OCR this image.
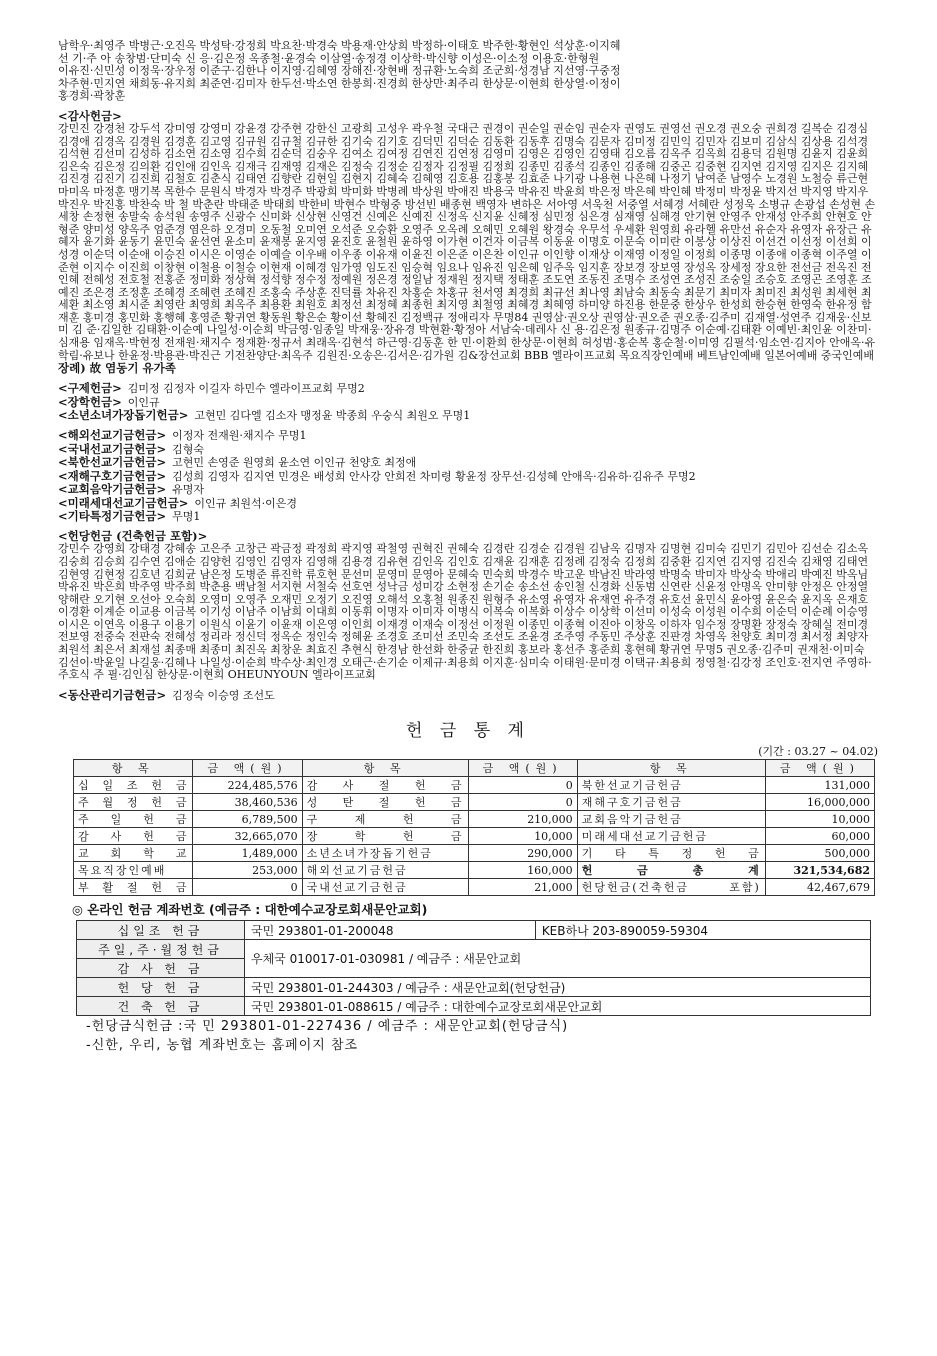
남학우·최영주 박병근·오진옥 박성탁·강정희 박요찬·박경숙 박용재·안상희 박정하·이태호 박주한·황현인 석상훈·이지혜

선 기·주 아 송창범·단미숙 신 응·김은정 옥종철·윤경숙 이삼열·송정경 이상학·박신향 이성은·이소정 이용호·한형원

이유진·신민성 이정욱·장우정 이준구·김한나 이지영·김혜영 장해진·장현배 정규환·노숙희 조군희·성경남 지선영·구중정

차주현·민지연 채희동·유지희 최준연·김미자 한두선·박소연 한봉희·진경희 한상만·최주리 한상문·이현희 한상열·이정이

홍경희·곽창훈

<감사헌금>

강민진 강경천 강두석 강미영 강영미 강윤경 강주현 강한신 고광희 고성우 곽우철 국대근 권경이 권순일 권순임 권순자 권영도 권영선 권오경 권오숭 권희경 길복순 김경심 김경애 김경옥 김경원 김경훈 김고영 김규원 김규철 김규한 김기숙 김기호 김덕민 김덕순 김동환 김동후 김명숙 김문자 김미정 김민익 김민자 김보미 김삼식 김상용 김석경 김석현 김선미 김성하 김소연 김소영 김수희 김순덕 김숭우 김여소 김여정 김연진 김연정 김영미 김영은 김영인 김영태 김오름 김옥주 김옥희 김용덕 김원명 김윤지 김윤희 김은숙 김은정 김의환 김인애 김인옥 김재극 김재영 김재은 김정숙 김정순 김정자 김정필 김정희 김종민 김종석 김종인 김종해 김중곤 김중현 김지연 김지영 김지은 김지혜 김진경 김진기 김진희 김철호 김춘식 김태연 김향란 김현일 김현지 김혜숙 김혜영 김호용 김홍봉 김효준 나기광 나용현 나은혜 나정기 남여준 남영수 노경원 노철승 류근현 마미옥 마정훈 맹기복 목한수 문원식 박경자 박경주 박광희 박미화 박병례 박상원 박애진 박용국 박유진 박윤희 박은정 박은혜 박인혜 박정미 박정윤 박지선 박지영 박지우 박진우 박진홍 박찬숙 박 철 박춘란 박태준 박태희 박한비 박현수 박형중 방선빈 배종현 백영자 변하은 서아영 서욱천 서중열 서혜경 서혜란 성정욱 소병규 손광섭 손성현 손세창 손정현 송말숙 송석원 송영주 신광수 신미화 신상현 신영건 신예은 신예진 신정옥 신지윤 신혜정 심민정 심은경 심재영 심해경 안기현 안영주 안재성 안주희 안현호 안형준 양미성 양옥주 엄준경 염은하 오경미 오동철 오미연 오석준 오승환 오영주 오옥례 오혜민 오혜원 왕경숙 우무석 우세환 원영희 유라헬 유만선 유순자 유영자 유장근 유혜자 윤기화 윤동기 윤민숙 윤선연 윤소미 윤재봉 윤지영 윤진호 윤철원 윤하영 이가현 이건자 이금복 이동윤 이명호 이문숙 이미란 이봉상 이상진 이선건 이선정 이선희 이성경 이순덕 이순애 이승진 이시은 이영순 이예슬 이우배 이우종 이유재 이윤진 이은준 이은찬 이인규 이인향 이재상 이재영 이정일 이정희 이종명 이종애 이종혁 이주열 이준현 이지수 이진희 이창현 이철용 이철승 이현재 이혜경 임가영 임도진 임승혁 임요나 임유진 임은혜 임주옥 임지훈 장보경 장보영 장성옥 장세정 장요한 전선금 전옥진 전인혜 전혜성 전호철 전홍준 정미화 정상혁 정석향 정수정 정예원 정은경 정일남 정재원 정지택 정태훈 조도연 조동진 조명수 조성연 조성진 조숭일 조승호 조영곤 조영훈 조예진 조은경 조정훈 조혜경 조혜련 조혜진 조홍숙 주상훈 진덕률 차유진 차홍순 차홍규 천서영 최경희 최규선 최나영 최남숙 최동숙 최문기 최미자 최미진 최성원 최세현 최세환 최소영 최시준 최영란 최영희 최옥주 최용환 최원호 최정선 최정혜 최종헌 최지영 최철영 최혜경 최혜영 하미양 하진용 한문중 한상우 한성희 한승현 한영숙 한유정 함재훈 홍미경 홍민화 홍행혜 홍영준 황귀연 황동원 황은순 황이선 황혜진 김정백규 정애리자 무명84 권영삼·권오상 권영삼·권오준 권오종·김주미 김재열·성연주 김재웅·신보미 김 준·김일한 김태환·이순예 나일성·이순희 박금영·임종일 박재웅·장유경 박현환·황정아 서남숙·데레사 신 용·김은정 원종규·김명주 이순예·김태환 이예빈·최인윤 이찬미·심재용 임재옥·박현정 전재원·채지수 정재환·정규서 최래옥·김현석 하근영·김동훈 한 민·이환희 한상문·이현희 허성범·홍순복 홍순철·이미영 김필석·임소연·김지아 안애옥·유학림·유보나 한윤정·박용관·박진근 기전찬양단·최옥주 김원진·오송은·김서은·김가원 김&장선교회 BBB 엘라이프교회 목요직장인예배 베트남인예배 일본어예배 중국인예배

장례) 故 염동기 유가족

<구제헌금> 김미정 김정자 이길자 하민수 엘라이프교회 무명2
<장학헌금> 이인규
<소년소녀가장돕기헌금> 고현민 김다엘 김소자 맹정윤 박종희 우숭식 최원오 무명1
<해외선교기금헌금> 이정자 전재원·채지수 무명1
<국내선교기금헌금> 김형숙
<북한선교기금헌금> 고현민 손영준 원영희 윤소연 이인규 천양호 최정애
<재해구호기금헌금> 김성희 김영자 김지연 민경은 배성희 안사강 안희전 차미령 황윤정 장무선·김성혜 안애옥·김유하·김유주 무명2
<교회음악기금헌금> 유명자
<미래세대선교기금헌금> 이인규 최원석·이은경
<기타특정기금헌금> 무명1
<헌당헌금 (건축헌금 포함)>

강민수 강영희 강태경 강혜송 고은주 고창근 곽금정 곽정희 곽지영 곽철영 권혁진 권혜숙 김경란 김경순 김경원 김남옥 김명자 김명현 김미숙 김민기 김민아 김선순 김소옥 김숭희 김승희 김수연 김애순 김양헌 김영인 김영자 김영해 김용경 김유현 김인옥 김인호 김재윤 김재훈 김정례 김정숙 김정희 김중환 김지연 김지영 김진숙 김채영 김태연 김현영 김현정 김호년 김희균 남은정 도병준 류진학 류호현 문선미 문영미 문영아 문혜숙 민숙희 박경수 박고운 박남진 박라영 박명숙 박미자 박상숙 박애리 박예진 박옥님 박유진 박은희 박주영 박주희 박춘용 백남철 서지현 서철숙 선호연 성낙금 성미강 소현정 손기순 송소선 송인철 신경화 신동범 신연란 신윤정 안명옥 안미향 안정은 안정열 양해란 오기현 오선아 오숙희 오영미 오영주 오재민 오정기 오진영 오해석 오홍철 원종진 원형주 유소영 유영자 유재연 유주경 유호선 윤민식 윤아영 윤은숙 윤지옥 은재호 이경환 이계순 이교용 이금복 이기성 이남주 이남희 이대희 이동휘 이명자 이미자 이병식 이복숙 이복화 이상수 이상학 이선미 이성숙 이성원 이수희 이순덕 이순례 이승영 이시은 이연옥 이용구 이용기 이원식 이윤기 이윤재 이은영 이인희 이재경 이재숙 이정선 이정원 이종민 이종혁 이진아 이창옥 이하자 임수정 장명환 장정숙 장혜실 전미경 전보영 전중숙 전판숙 전혜성 정리라 정신덕 정옥순 정인숙 정혜윤 조경호 조미선 조민숙 조선도 조윤경 조주영 주동민 주상훈 진판경 차영옥 천양호 최미경 최서정 최양자 최원석 최은서 최재설 최종매 최종미 최진옥 최창운 최효진 추현식 한경남 한선화 한중균 한진희 홍보라 홍선주 홍준희 홍현혜 황귀연 무명5 권오종·김주미 권재천·이미숙 김선이·박윤일 나길웅·김혜나 나일성·이순희 박수상·최인경 오태근·손기순 이제규·최용희 이지훈·심미숙 이태원·문미경 이택규·최용희 정영철·김강정 조인호·전지연 주영하·주호식 주 필·김인심 한상문·이현희 OHEUNYOUN 엘라이프교회

<동산관리기금헌금> 김정숙 이승영 조선도
헌 금 통 계
(기간 : 03.27 ~ 04.02)
항 목	금 액(원)	항 목	금 액(원)	항 목	금 액(원)
십 일 조 헌 금	224,485,576	감 사 절 헌 금	0	북한선교기금헌금	131,000
주 월 정 헌 금	38,460,536	성 탄 절 헌 금	0	재해구호기금헌금	16,000,000
주 일 헌 금	6,789,500	구 제 헌 금	210,000	교회음악기금헌금	10,000
감 사 헌 금	32,665,070	장 학 헌 금	10,000	미래세대선교기금헌금	60,000
교 회 학 교	1,489,000	소년소녀가장돕기헌금	290,000	기 타 특 정 헌 금	500,000
목요직장인예배	253,000	해외선교기금헌금	160,000	헌 금 총 계	321,534,682
부 활 절 헌 금	0	국내선교기금헌금	21,000	헌당헌금(건축헌금 포함)	42,467,679
◎ 온라인 헌금 계좌번호 (예금주 : 대한예수교장로회새문안교회)
십일조 헌금	국민 293801-01-200048	KEB하나 203-890059-59304
주일,주·월정헌금	우체국 010017-01-030981 / 예금주 : 새문안교회	
감 사 헌 금		
헌 당 헌 금	국민 293801-01-244303 / 예금주 : 새문안교회(헌당헌금)	
건 축 헌 금	국민 293801-01-088615 / 예금주 : 대한예수교장로회새문안교회	
-헌당금식헌금 :국 민 293801-01-227436 / 예금주 : 새문안교회(헌당금식)
-신한, 우리, 농협 계좌번호는 홈페이지 참조
